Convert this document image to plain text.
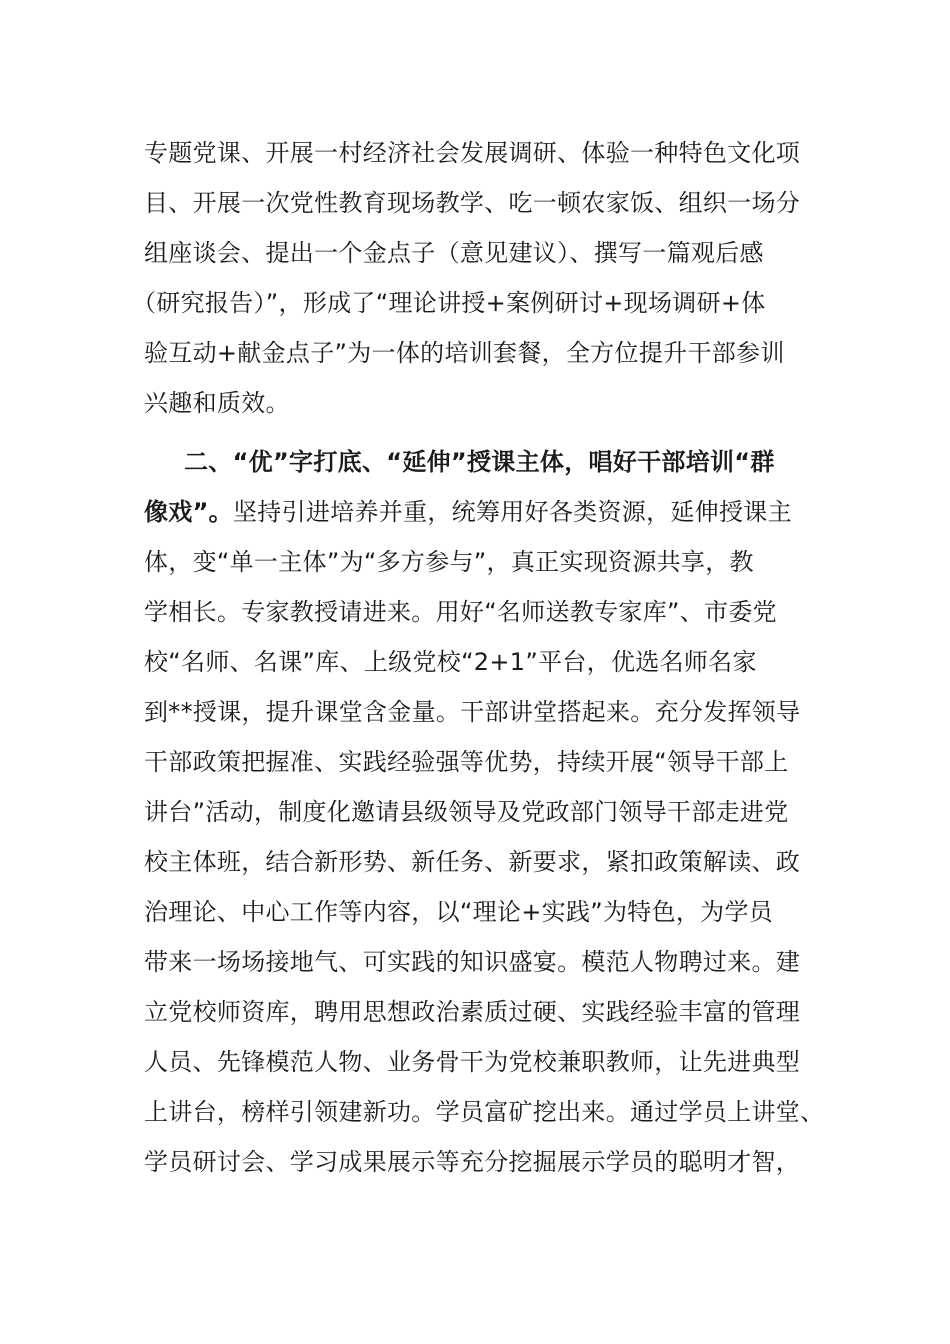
专题党课、开展一村经济社会发展调研、体验一种特色文化项
目、开展一次党性教育现场教学、吃一顿农家饭、组织一场分
组座谈会、提出一个金点子（意见建议）、撰写一篇观后感
（研究报告）”，形成了“理论讲授+案例研讨+现场调研+体
验互动+献金点子”为一体的培训套餐，全方位提升干部参训
兴趣和质效。
二、“优”字打底、“延伸”授课主体，唱好干部培训“群
像戏”。坚持引进培养并重，统筹用好各类资源，延伸授课主
体，变“单一主体”为“多方参与”，真正实现资源共享，教
学相长。专家教授请进来。用好“名师送教专家库”、市委党
校“名师、名课”库、上级党校“2+1”平台，优选名师名家
到**授课，提升课堂含金量。干部讲堂搭起来。充分发挥领导
干部政策把握准、实践经验强等优势，持续开展“领导干部上
讲台”活动，制度化邀请县级领导及党政部门领导干部走进党
校主体班，结合新形势、新任务、新要求，紧扣政策解读、政
治理论、中心工作等内容，以“理论+实践”为特色，为学员
带来一场场接地气、可实践的知识盛宴。模范人物聘过来。建
立党校师资库，聘用思想政治素质过硬、实践经验丰富的管理
人员、先锋模范人物、业务骨干为党校兼职教师，让先进典型
上讲台，榜样引领建新功。学员富矿挖出来。通过学员上讲堂、
学员研讨会、学习成果展示等充分挖掘展示学员的聪明才智，
